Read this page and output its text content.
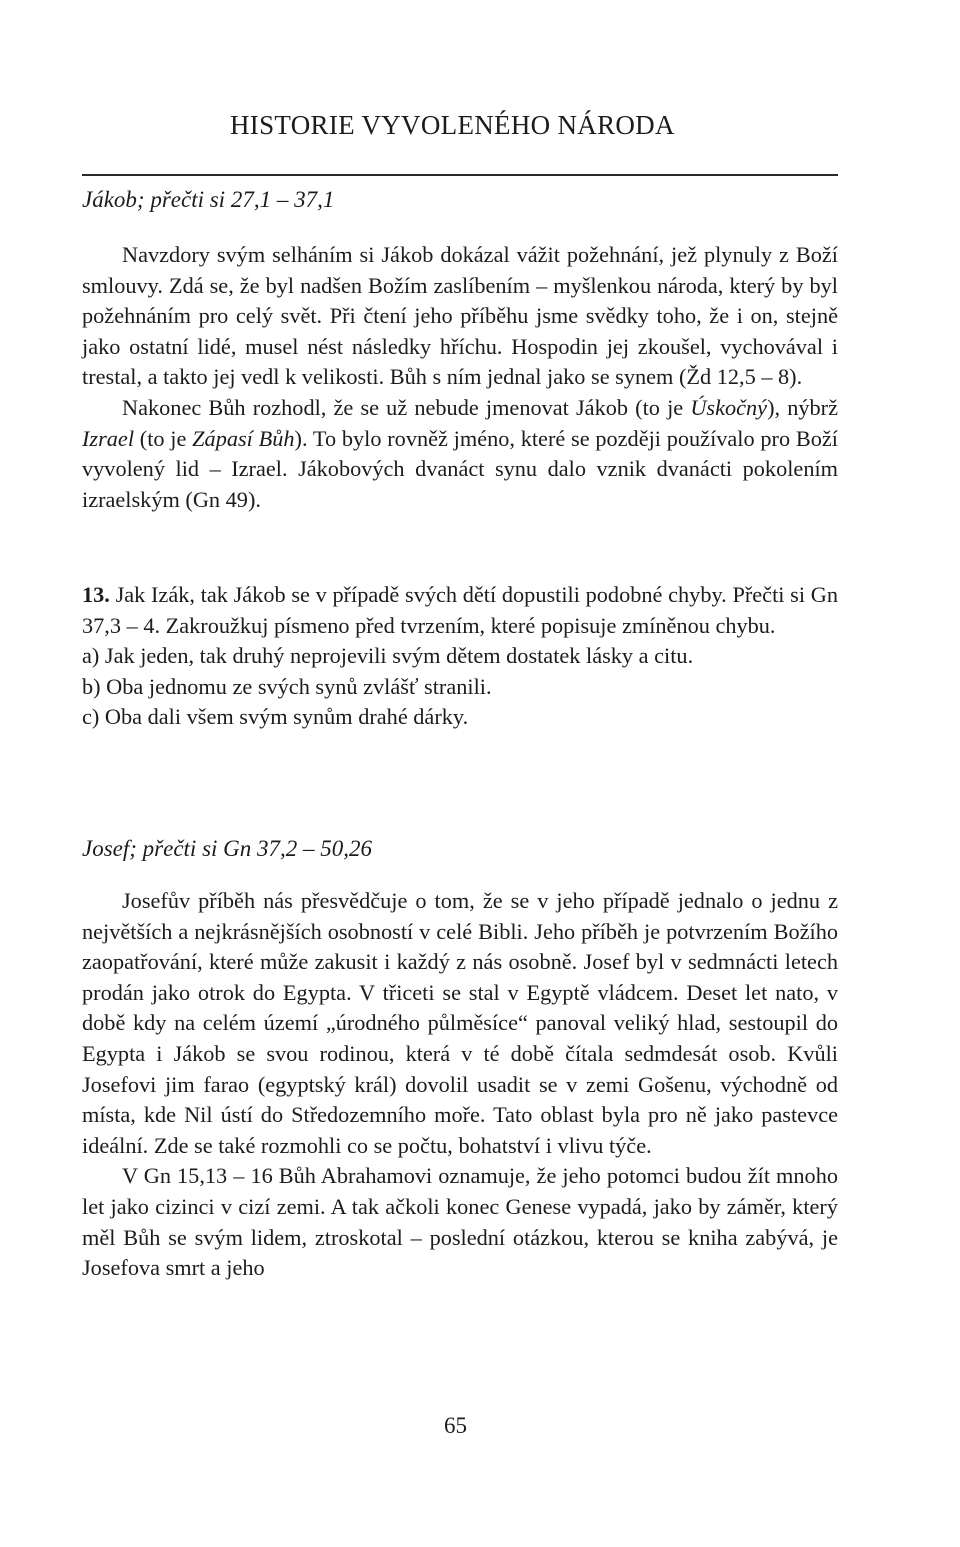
HISTORIE VYVOLENÉHO NÁRODA
Jákob; přečti si 27,1 – 37,1

Navzdory svým selháním si Jákob dokázal vážit požehnání, jež plynuly z Boží smlouvy. Zdá se, že byl nadšen Božím zaslíbením – myšlenkou národa, který by byl požehnáním pro celý svět. Při čtení jeho příběhu jsme svědky toho, že i on, stejně jako ostatní lidé, musel nést následky hříchu. Hospodin jej zkoušel, vychovával i trestal, a takto jej vedl k velikosti. Bůh s ním jednal jako se synem (Žd 12,5 – 8).

Nakonec Bůh rozhodl, že se už nebude jmenovat Jákob (to je Úskočný), nýbrž Izrael (to je Zápasí Bůh). To bylo rovněž jméno, které se později používalo pro Boží vyvolený lid – Izrael. Jákobových dvanáct synu dalo vznik dvanácti pokolením izraelským (Gn 49).

13. Jak Izák, tak Jákob se v případě svých dětí dopustili podobné chyby. Přečti si Gn 37,3 – 4. Zakroužkuj písmeno před tvrzením, které popisuje zmíněnou chybu.

a) Jak jeden, tak druhý neprojevili svým dětem dostatek lásky a citu.

b) Oba jednomu ze svých synů zvlášť stranili.

c) Oba dali všem svým synům drahé dárky.

Josef; přečti si Gn 37,2 – 50,26

Josefův příběh nás přesvědčuje o tom, že se v jeho případě jednalo o jednu z největších a nejkrásnějších osobností v celé Bibli. Jeho příběh je potvrzením Božího zaopatřování, které může zakusit i každý z nás osobně. Josef byl v sedmnácti letech prodán jako otrok do Egypta. V třiceti se stal v Egyptě vládcem. Deset let nato, v době kdy na celém území „úrodného půlměsíce“ panoval veliký hlad, sestoupil do Egypta i Jákob se svou rodinou, která v té době čítala sedmdesát osob. Kvůli Josefovi jim farao (egyptský král) dovolil usadit se v zemi Gošenu, východně od místa, kde Nil ústí do Středozemního moře. Tato oblast byla pro ně jako pastevce ideální. Zde se také rozmohli co se počtu, bohatství i vlivu týče.

V Gn 15,13 – 16 Bůh Abrahamovi oznamuje, že jeho potomci budou žít mnoho let jako cizinci v cizí zemi. A tak ačkoli konec Genese vypadá, jako by záměr, který měl Bůh se svým lidem, ztroskotal – poslední otázkou, kterou se kniha zabývá, je Josefova smrt a jeho

65
